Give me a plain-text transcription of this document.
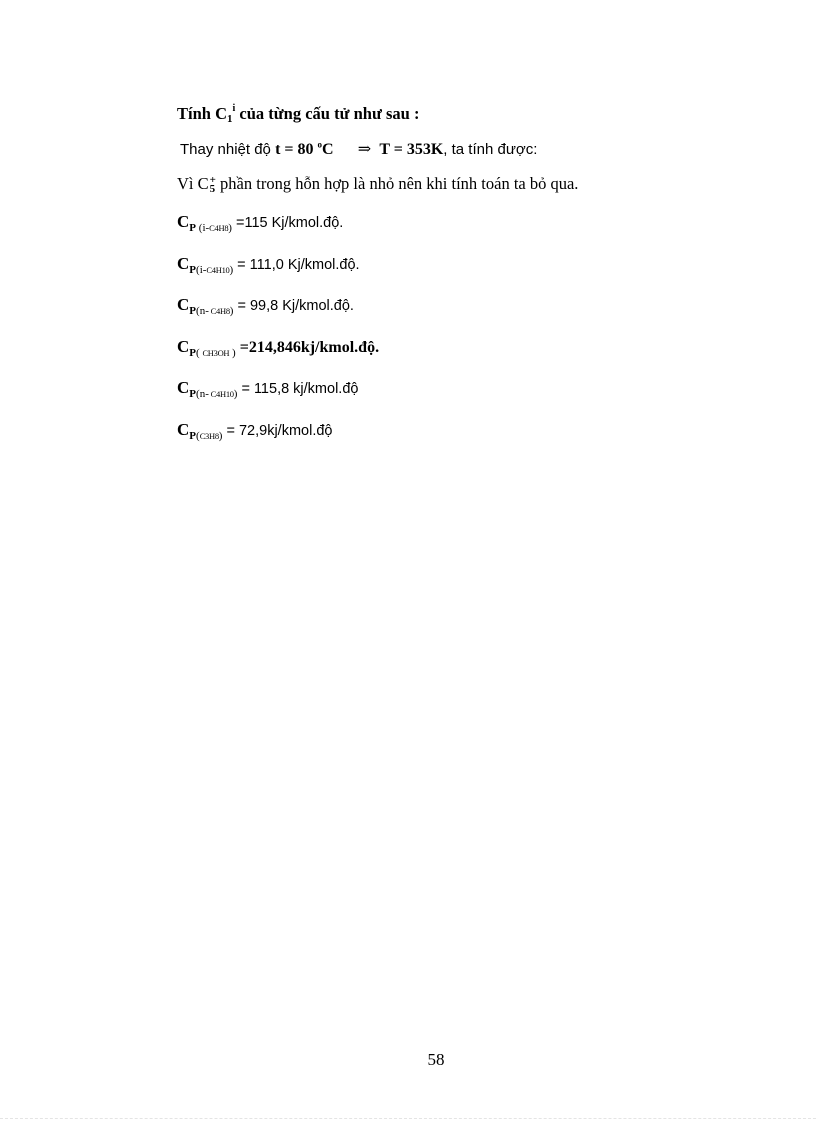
Tính C1$^i$ của từng cấu tử như sau :
Thay nhiệt độ t = 80 $^o$C ⇒ T = 353K, ta tính được:
Vì C +
5 phần trong hỗn hợp là nhỏ nên khi tính toán ta bỏ qua.
$C_P$ $_{(i-C4H8)}$ =115 Kj/kmol.độ.
$C_{P(i-C4H10)} = 111,0$ Kj/kmol.độ.
$C_{P(n-}$ $_{C4H8)}$ = 99,8 Kj/kmol.độ.
$C_{P(}$ $_{CH3OH}$ $_)$ =214,846kj/kmol.độ.
$C_{P(n-}$ $_{C4H10)}$ = 115,8 kj/kmol.độ
$C_{P(C3H8)}$ = 72,9kj/kmol.độ
58
